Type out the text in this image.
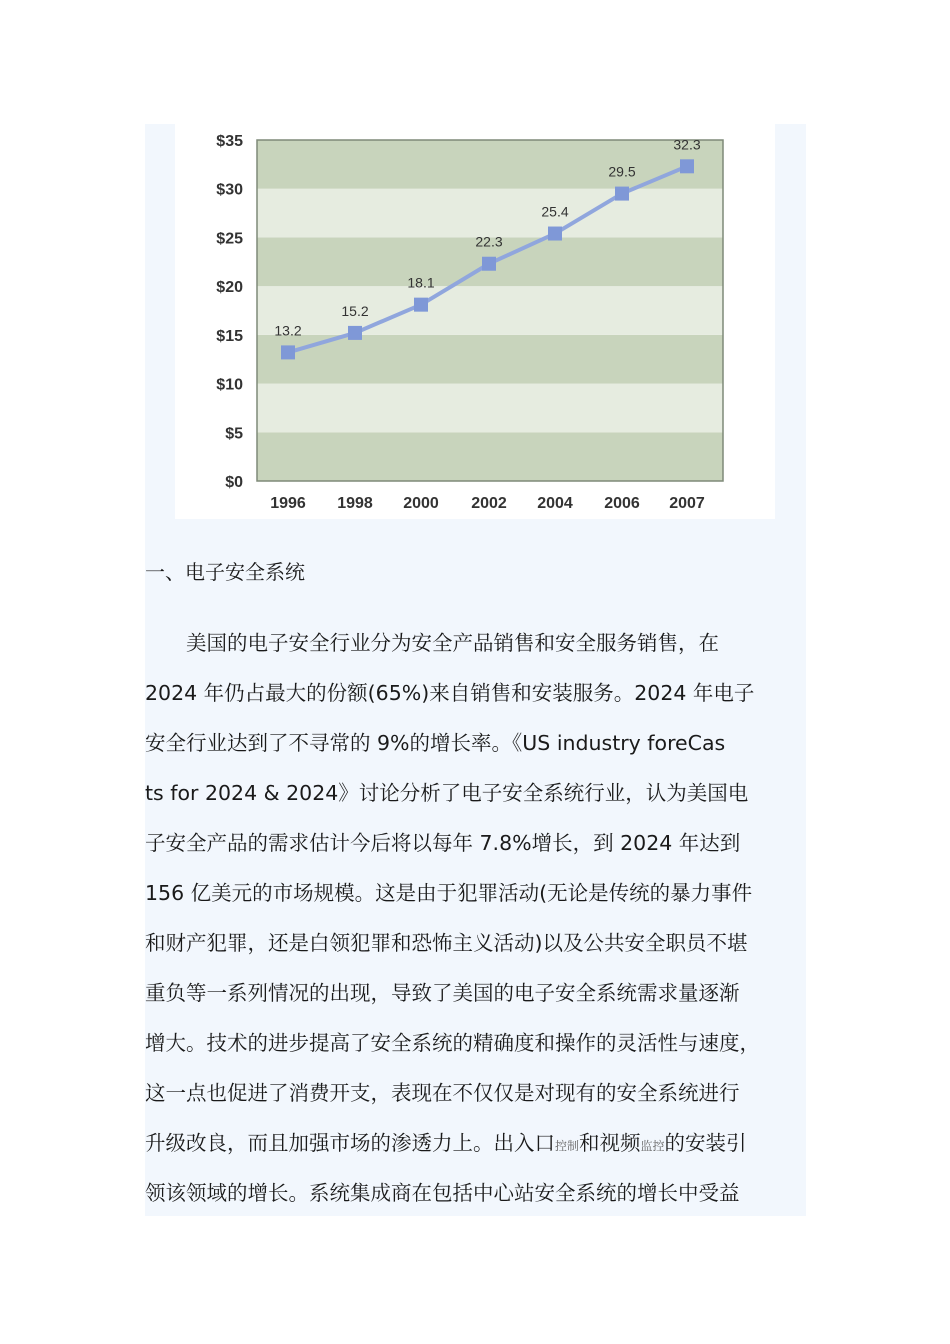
$0
$5
$10
$15
$20
$25
$30
$35
1996 1998 2000 2002 2004 2006 2007
13.2
15.2
18.1
22.3
25.4
29.5
32.3
一、电子安全系统
美国的电子安全行业分为安全产品销售和安全服务销售，在
2024 年仍占最大的份额(65%)来自销售和安装服务。2024 年电子
安全行业达到了不寻常的 9%的增长率。《US industry foreCas
ts for 2024 & 2024》讨论分析了电子安全系统行业，认为美国电
子安全产品的需求估计今后将以每年 7.8%增长，到 2024 年达到
156 亿美元的市场规模。这是由于犯罪活动(无论是传统的暴力事件
和财产犯罪，还是白领犯罪和恐怖主义活动)以及公共安全职员不堪
重负等一系列情况的出现，导致了美国的电子安全系统需求量逐渐
增大。技术的进步提高了安全系统的精确度和操作的灵活性与速度，
这一点也促进了消费开支，表现在不仅仅是对现有的安全系统进行
升级改良，而且加强市场的渗透力上。出入口控制和视频监控的安装引
领该领域的增长。系统集成商在包括中心站安全系统的增长中受益
